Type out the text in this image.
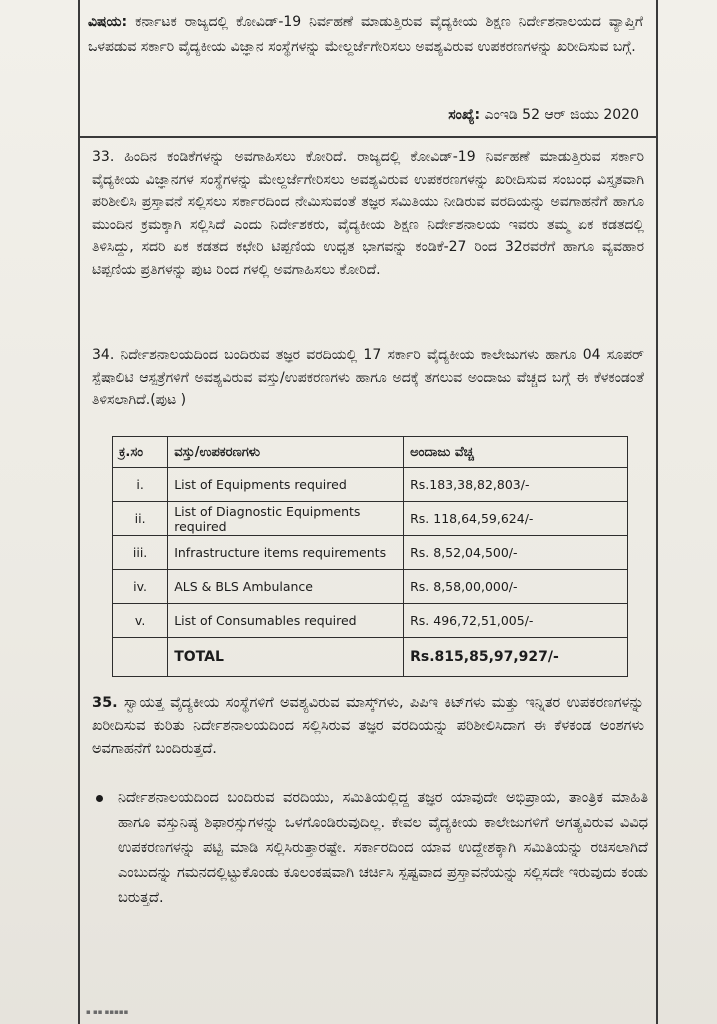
ವಿಷಯ: ಕರ್ನಾಟಕ ರಾಜ್ಯದಲ್ಲಿ ಕೋವಿಡ್-19 ನಿರ್ವಹಣೆ ಮಾಡುತ್ತಿರುವ ವೈದ್ಯಕೀಯ ಶಿಕ್ಷಣ ನಿರ್ದೇಶನಾಲಯದ ವ್ಯಾಪ್ತಿಗೆ ಒಳಪಡುವ ಸರ್ಕಾರಿ ವೈದ್ಯಕೀಯ ವಿಜ್ಞಾನ ಸಂಸ್ಥೆಗಳನ್ನು ಮೇಲ್ದರ್ಜೆಗೇರಿಸಲು ಅವಶ್ಯವಿರುವ ಉಪಕರಣಗಳನ್ನು ಖರೀದಿಸುವ ಬಗ್ಗೆ.
ಸಂಖ್ಯೆ: ಎಂಇಡಿ 52 ಆರ್ ಜಿಯು 2020
33. ಹಿಂದಿನ ಕಂಡಿಕೆಗಳನ್ನು ಅವಗಾಹಿಸಲು ಕೋರಿದೆ. ರಾಜ್ಯದಲ್ಲಿ ಕೋವಿಡ್-19 ನಿರ್ವಹಣೆ ಮಾಡುತ್ತಿರುವ ಸರ್ಕಾರಿ ವೈದ್ಯಕೀಯ ವಿಜ್ಞಾನಗಳ ಸಂಸ್ಥೆಗಳನ್ನು ಮೇಲ್ದರ್ಜೆಗೇರಿಸಲು ಅವಶ್ಯವಿರುವ ಉಪಕರಣಗಳನ್ನು ಖರೀದಿಸುವ ಸಂಬಂಧ ವಿಸ್ತೃತವಾಗಿ ಪರಿಶೀಲಿಸಿ ಪ್ರಸ್ತಾವನೆ ಸಲ್ಲಿಸಲು ಸರ್ಕಾರದಿಂದ ನೇಮಿಸುವಂತೆ ತಜ್ಞರ ಸಮಿತಿಯು ನೀಡಿರುವ ವರದಿಯನ್ನು ಅವಗಾಹನೆಗೆ ಹಾಗೂ ಮುಂದಿನ ಕ್ರಮಕ್ಕಾಗಿ ಸಲ್ಲಿಸಿದೆ ಎಂದು ನಿರ್ದೇಶಕರು, ವೈದ್ಯಕೀಯ ಶಿಕ್ಷಣ ನಿರ್ದೇಶನಾಲಯ ಇವರು ತಮ್ಮ ಏಕ ಕಡತದಲ್ಲಿ ತಿಳಿಸಿದ್ದು, ಸದರಿ ಏಕ ಕಡತದ ಕಛೇರಿ ಟಿಪ್ಪಣಿಯ ಉಧೃತ ಭಾಗವನ್ನು ಕಂಡಿಕೆ-27 ರಿಂದ 32ರವರೆಗೆ ಹಾಗೂ ವ್ಯವಹಾರ ಟಿಪ್ಪಣಿಯ ಪ್ರತಿಗಳನ್ನು ಪುಟ ರಿಂದ ಗಳಲ್ಲಿ ಅವಗಾಹಿಸಲು ಕೋರಿದೆ.
34. ನಿರ್ದೇಶನಾಲಯದಿಂದ ಬಂದಿರುವ ತಜ್ಞರ ವರದಿಯಲ್ಲಿ 17 ಸರ್ಕಾರಿ ವೈದ್ಯಕೀಯ ಕಾಲೇಜುಗಳು ಹಾಗೂ 04 ಸೂಪರ್ ಸ್ಪೆಷಾಲಿಟಿ ಆಸ್ಪತ್ರೆಗಳಿಗೆ ಅವಶ್ಯವಿರುವ ವಸ್ತು/ಉಪಕರಣಗಳು ಹಾಗೂ ಅದಕ್ಕೆ ತಗಲುವ ಅಂದಾಜು ವೆಚ್ಚದ ಬಗ್ಗೆ ಈ ಕೆಳಕಂಡಂತೆ ತಿಳಿಸಲಾಗಿದೆ.(ಪುಟ )
ಕ್ರ.ಸಂ	ವಸ್ತು/ಉಪಕರಣಗಳು	ಅಂದಾಜು ವೆಚ್ಚ
i.	List of Equipments required	Rs.183,38,82,803/-
ii.	List of Diagnostic Equipments required	Rs. 118,64,59,624/-
iii.	Infrastructure items requirements	Rs. 8,52,04,500/-
iv.	ALS & BLS Ambulance	Rs. 8,58,00,000/-
v.	List of Consumables required	Rs. 496,72,51,005/-
	TOTAL	Rs.815,85,97,927/-
35. ಸ್ವಾಯತ್ತ ವೈದ್ಯಕೀಯ ಸಂಸ್ಥೆಗಳಿಗೆ ಅವಶ್ಯವಿರುವ ಮಾಸ್ಕ್‌ಗಳು, ಪಿಪಿಇ ಕಿಟ್‌ಗಳು ಮತ್ತು ಇನ್ನಿತರ ಉಪಕರಣಗಳನ್ನು ಖರೀದಿಸುವ ಕುರಿತು ನಿರ್ದೇಶನಾಲಯದಿಂದ ಸಲ್ಲಿಸಿರುವ ತಜ್ಞರ ವರದಿಯನ್ನು ಪರಿಶೀಲಿಸಿದಾಗ ಈ ಕೆಳಕಂಡ ಅಂಶಗಳು ಅವಗಾಹನೆಗೆ ಬಂದಿರುತ್ತದೆ.
ನಿರ್ದೇಶನಾಲಯದಿಂದ ಬಂದಿರುವ ವರದಿಯು, ಸಮಿತಿಯಲ್ಲಿದ್ದ ತಜ್ಞರ ಯಾವುದೇ ಅಭಿಪ್ರಾಯ, ತಾಂತ್ರಿಕ ಮಾಹಿತಿ ಹಾಗೂ ವಸ್ತುನಿಷ್ಠ ಶಿಫಾರಸ್ಸುಗಳನ್ನು ಒಳಗೊಂಡಿರುವುದಿಲ್ಲ. ಕೇವಲ ವೈದ್ಯಕೀಯ ಕಾಲೇಜುಗಳಿಗೆ ಅಗತ್ಯವಿರುವ ವಿವಿಧ ಉಪಕರಣಗಳನ್ನು ಪಟ್ಟಿ ಮಾಡಿ ಸಲ್ಲಿಸಿರುತ್ತಾರಷ್ಟೇ. ಸರ್ಕಾರದಿಂದ ಯಾವ ಉದ್ದೇಶಕ್ಕಾಗಿ ಸಮಿತಿಯನ್ನು ರಚಿಸಲಾಗಿದೆ ಎಂಬುದನ್ನು ಗಮನದಲ್ಲಿಟ್ಟುಕೊಂಡು ಕೂಲಂಕಷವಾಗಿ ಚರ್ಚಿಸಿ ಸ್ಪಷ್ಟವಾದ ಪ್ರಸ್ತಾವನೆಯನ್ನು ಸಲ್ಲಿಸದೇ ಇರುವುದು ಕಂಡು ಬರುತ್ತದೆ.
▪ ▪▪ ▪▪▪▪▪
